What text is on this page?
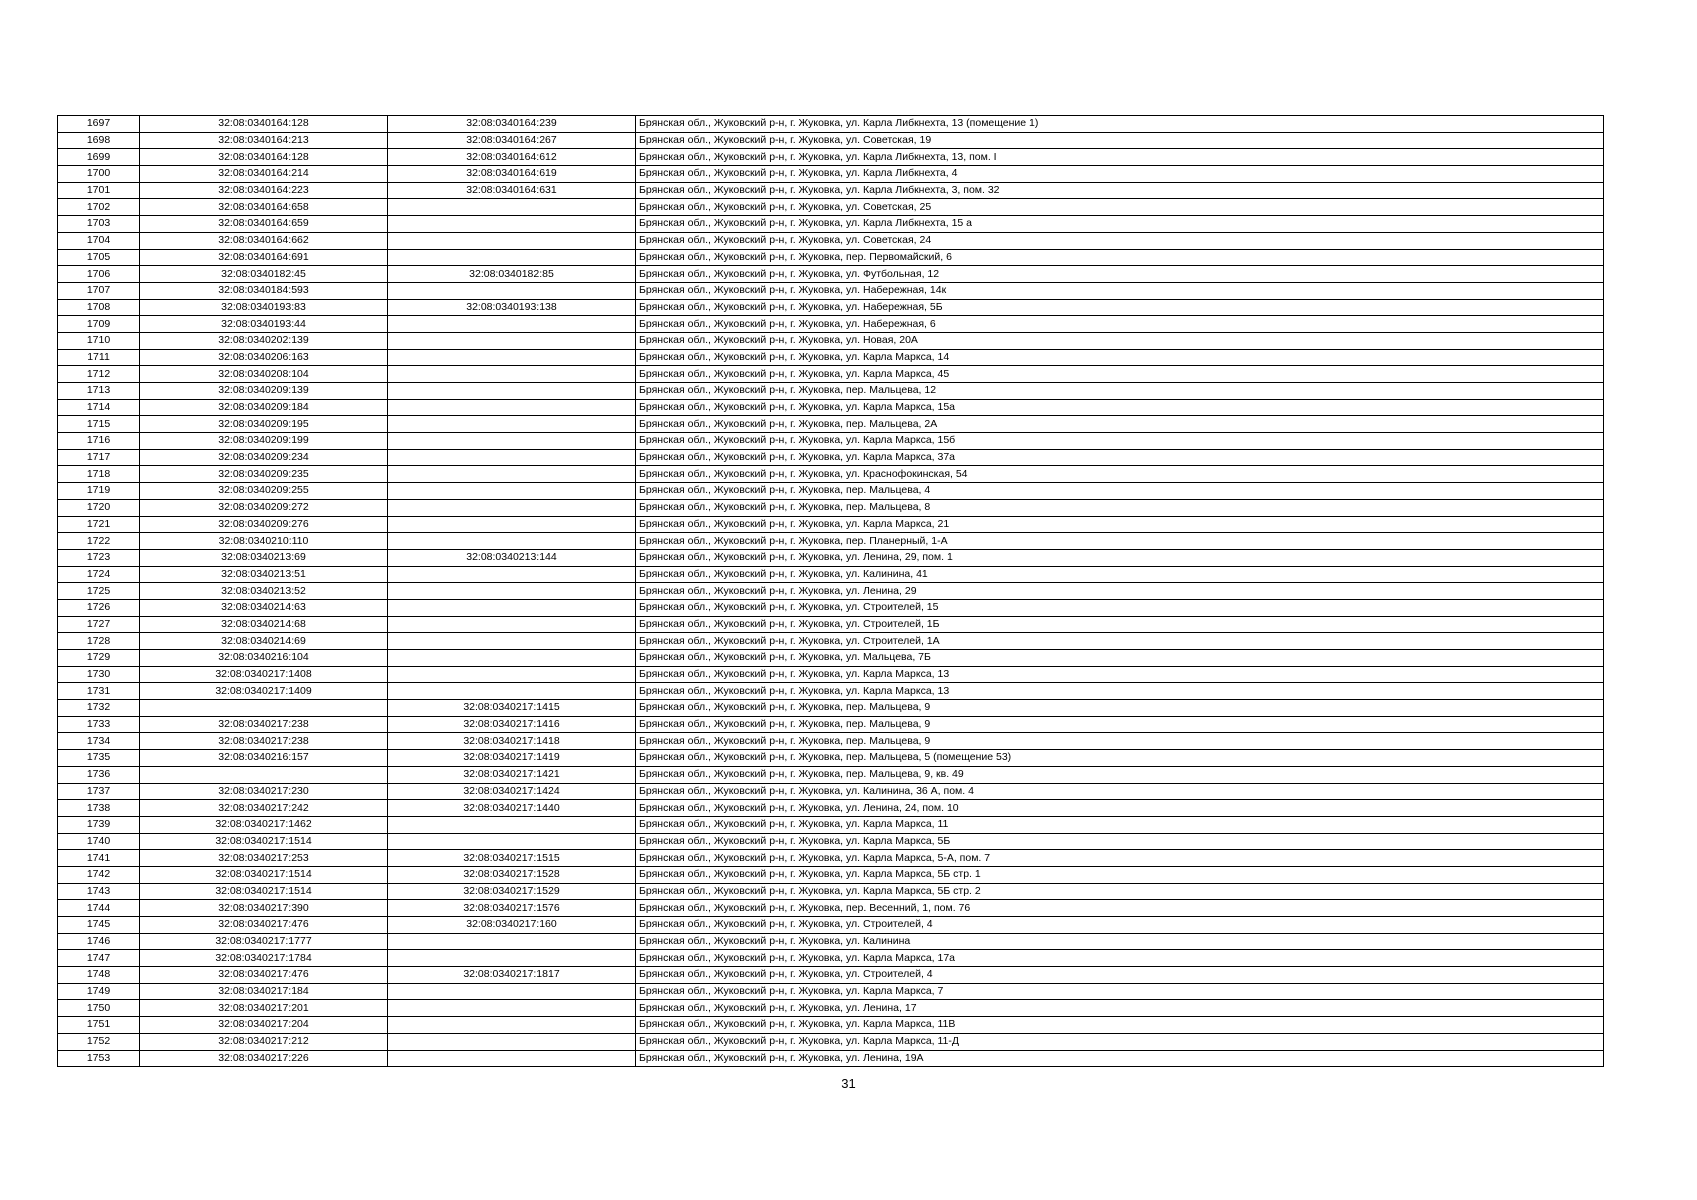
1697	32:08:0340164:128	32:08:0340164:239	Брянская обл., Жуковский р-н, г. Жуковка, ул. Карла Либкнехта, 13 (помещение 1)
1698	32:08:0340164:213	32:08:0340164:267	Брянская обл., Жуковский р-н, г. Жуковка, ул. Советская, 19
1699	32:08:0340164:128	32:08:0340164:612	Брянская обл., Жуковский р-н, г. Жуковка, ул. Карла Либкнехта, 13, пом. I
1700	32:08:0340164:214	32:08:0340164:619	Брянская обл., Жуковский р-н, г. Жуковка, ул. Карла Либкнехта, 4
1701	32:08:0340164:223	32:08:0340164:631	Брянская обл., Жуковский р-н, г. Жуковка, ул. Карла Либкнехта, 3, пом. 32
1702	32:08:0340164:658		Брянская обл., Жуковский р-н, г. Жуковка, ул. Советская, 25
1703	32:08:0340164:659		Брянская обл., Жуковский р-н, г. Жуковка, ул. Карла Либкнехта, 15 а
1704	32:08:0340164:662		Брянская обл., Жуковский р-н, г. Жуковка, ул. Советская, 24
1705	32:08:0340164:691		Брянская обл., Жуковский р-н, г. Жуковка, пер. Первомайский, 6
1706	32:08:0340182:45	32:08:0340182:85	Брянская обл., Жуковский р-н, г. Жуковка, ул. Футбольная, 12
1707	32:08:0340184:593		Брянская обл., Жуковский р-н, г. Жуковка, ул. Набережная, 14к
1708	32:08:0340193:83	32:08:0340193:138	Брянская обл., Жуковский р-н, г. Жуковка, ул. Набережная, 5Б
1709	32:08:0340193:44		Брянская обл., Жуковский р-н, г. Жуковка, ул. Набережная, 6
1710	32:08:0340202:139		Брянская обл., Жуковский р-н, г. Жуковка, ул. Новая, 20А
1711	32:08:0340206:163		Брянская обл., Жуковский р-н, г. Жуковка, ул. Карла Маркса, 14
1712	32:08:0340208:104		Брянская обл., Жуковский р-н, г. Жуковка, ул. Карла Маркса, 45
1713	32:08:0340209:139		Брянская обл., Жуковский р-н, г. Жуковка, пер. Мальцева, 12
1714	32:08:0340209:184		Брянская обл., Жуковский р-н, г. Жуковка, ул. Карла Маркса, 15а
1715	32:08:0340209:195		Брянская обл., Жуковский р-н, г. Жуковка, пер. Мальцева, 2А
1716	32:08:0340209:199		Брянская обл., Жуковский р-н, г. Жуковка, ул. Карла Маркса, 15б
1717	32:08:0340209:234		Брянская обл., Жуковский р-н, г. Жуковка, ул. Карла Маркса, 37а
1718	32:08:0340209:235		Брянская обл., Жуковский р-н, г. Жуковка, ул. Краснофокинская, 54
1719	32:08:0340209:255		Брянская обл., Жуковский р-н, г. Жуковка, пер. Мальцева, 4
1720	32:08:0340209:272		Брянская обл., Жуковский р-н, г. Жуковка, пер. Мальцева, 8
1721	32:08:0340209:276		Брянская обл., Жуковский р-н, г. Жуковка, ул. Карла Маркса, 21
1722	32:08:0340210:110		Брянская обл., Жуковский р-н, г. Жуковка, пер. Планерный, 1-А
1723	32:08:0340213:69	32:08:0340213:144	Брянская обл., Жуковский р-н, г. Жуковка, ул. Ленина, 29, пом. 1
1724	32:08:0340213:51		Брянская обл., Жуковский р-н, г. Жуковка, ул. Калинина, 41
1725	32:08:0340213:52		Брянская обл., Жуковский р-н, г. Жуковка, ул. Ленина, 29
1726	32:08:0340214:63		Брянская обл., Жуковский р-н, г. Жуковка, ул. Строителей, 15
1727	32:08:0340214:68		Брянская обл., Жуковский р-н, г. Жуковка, ул. Строителей, 1Б
1728	32:08:0340214:69		Брянская обл., Жуковский р-н, г. Жуковка, ул. Строителей, 1А
1729	32:08:0340216:104		Брянская обл., Жуковский р-н, г. Жуковка, ул. Мальцева, 7Б
1730	32:08:0340217:1408		Брянская обл., Жуковский р-н, г. Жуковка, ул. Карла Маркса, 13
1731	32:08:0340217:1409		Брянская обл., Жуковский р-н, г. Жуковка, ул. Карла Маркса, 13
1732		32:08:0340217:1415	Брянская обл., Жуковский р-н, г. Жуковка, пер. Мальцева, 9
1733	32:08:0340217:238	32:08:0340217:1416	Брянская обл., Жуковский р-н, г. Жуковка, пер. Мальцева, 9
1734	32:08:0340217:238	32:08:0340217:1418	Брянская обл., Жуковский р-н, г. Жуковка, пер. Мальцева, 9
1735	32:08:0340216:157	32:08:0340217:1419	Брянская обл., Жуковский р-н, г. Жуковка, пер. Мальцева, 5 (помещение 53)
1736		32:08:0340217:1421	Брянская обл., Жуковский р-н, г. Жуковка, пер. Мальцева, 9, кв. 49
1737	32:08:0340217:230	32:08:0340217:1424	Брянская обл., Жуковский р-н, г. Жуковка, ул. Калинина, 36 А, пом. 4
1738	32:08:0340217:242	32:08:0340217:1440	Брянская обл., Жуковский р-н, г. Жуковка, ул. Ленина, 24, пом. 10
1739	32:08:0340217:1462		Брянская обл., Жуковский р-н, г. Жуковка, ул. Карла Маркса, 11
1740	32:08:0340217:1514		Брянская обл., Жуковский р-н, г. Жуковка, ул. Карла Маркса, 5Б
1741	32:08:0340217:253	32:08:0340217:1515	Брянская обл., Жуковский р-н, г. Жуковка, ул. Карла Маркса, 5-А, пом. 7
1742	32:08:0340217:1514	32:08:0340217:1528	Брянская обл., Жуковский р-н, г. Жуковка, ул. Карла Маркса, 5Б стр. 1
1743	32:08:0340217:1514	32:08:0340217:1529	Брянская обл., Жуковский р-н, г. Жуковка, ул. Карла Маркса, 5Б стр. 2
1744	32:08:0340217:390	32:08:0340217:1576	Брянская обл., Жуковский р-н, г. Жуковка, пер. Весенний, 1, пом. 76
1745	32:08:0340217:476	32:08:0340217:160	Брянская обл., Жуковский р-н, г. Жуковка, ул. Строителей, 4
1746	32:08:0340217:1777		Брянская обл., Жуковский р-н, г. Жуковка, ул. Калинина
1747	32:08:0340217:1784		Брянская обл., Жуковский р-н, г. Жуковка, ул. Карла Маркса, 17а
1748	32:08:0340217:476	32:08:0340217:1817	Брянская обл., Жуковский р-н, г. Жуковка, ул. Строителей, 4
1749	32:08:0340217:184		Брянская обл., Жуковский р-н, г. Жуковка, ул. Карла Маркса, 7
1750	32:08:0340217:201		Брянская обл., Жуковский р-н, г. Жуковка, ул. Ленина, 17
1751	32:08:0340217:204		Брянская обл., Жуковский р-н, г. Жуковка, ул. Карла Маркса, 11В
1752	32:08:0340217:212		Брянская обл., Жуковский р-н, г. Жуковка, ул. Карла Маркса, 11-Д
1753	32:08:0340217:226		Брянская обл., Жуковский р-н, г. Жуковка, ул. Ленина, 19А
31
